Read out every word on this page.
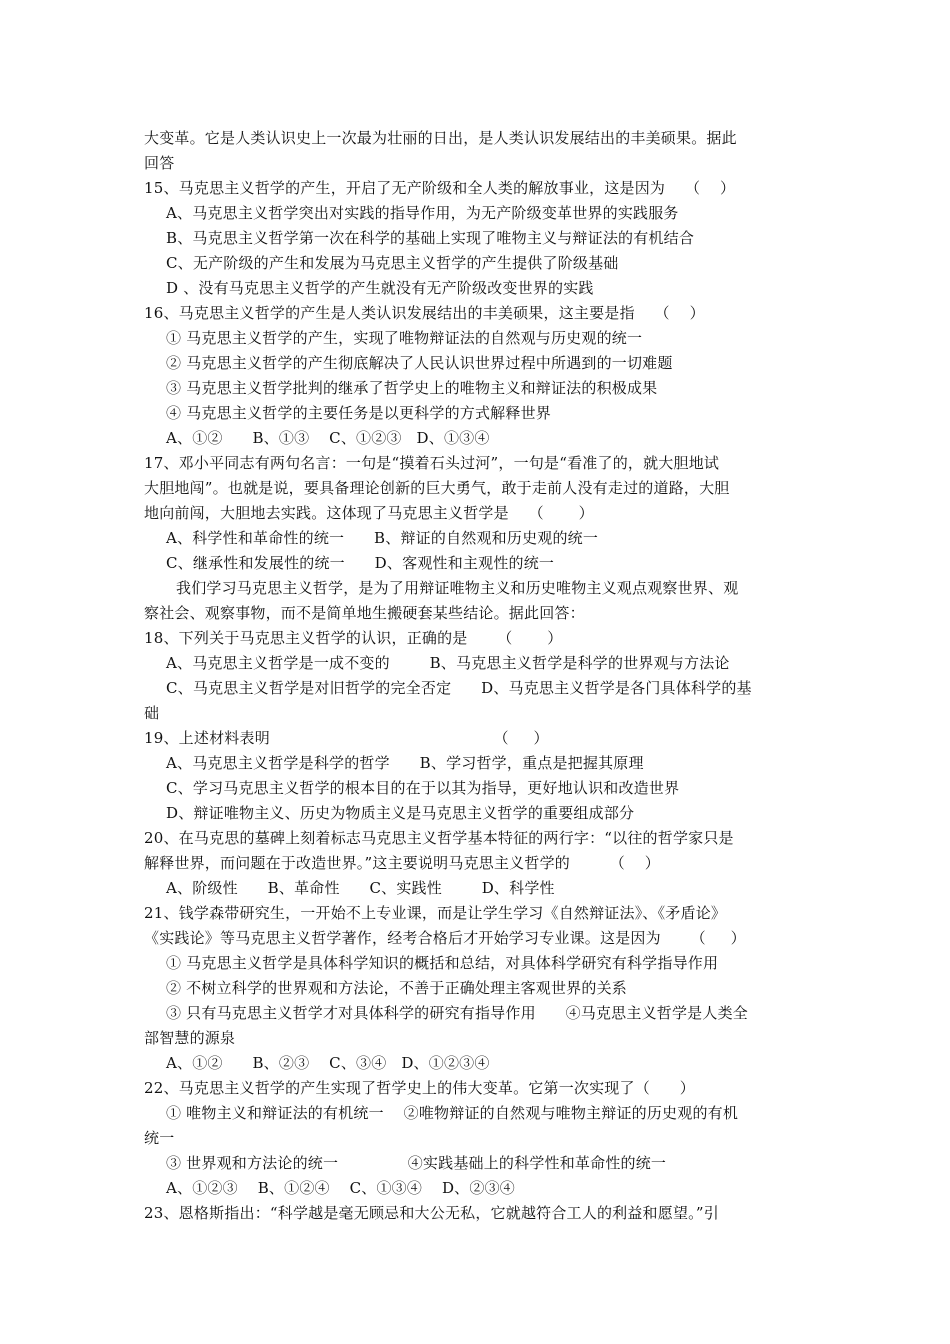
大变革。它是人类认识史上一次最为壮丽的日出，是人类认识发展结出的丰美硕果。据此
回答
15、马克思主义哲学的产生，开启了无产阶级和全人类的解放事业，这是因为    （    ）
A、马克思主义哲学突出对实践的指导作用，为无产阶级变革世界的实践服务
B、马克思主义哲学第一次在科学的基础上实现了唯物主义与辩证法的有机结合
C、无产阶级的产生和发展为马克思主义哲学的产生提供了阶级基础
D 、没有马克思主义哲学的产生就没有无产阶级改变世界的实践
16、马克思主义哲学的产生是人类认识发展结出的丰美硕果，这主要是指    （    ）
① 马克思主义哲学的产生，实现了唯物辩证法的自然观与历史观的统一
② 马克思主义哲学的产生彻底解决了人民认识世界过程中所遇到的一切难题
③ 马克思主义哲学批判的继承了哲学史上的唯物主义和辩证法的积极成果
④ 马克思主义哲学的主要任务是以更科学的方式解释世界
A、①②      B、①③    C、①②③   D、①③④
17、邓小平同志有两句名言：一句是“摸着石头过河”，一句是“看准了的，就大胆地试
大胆地闯”。也就是说，要具备理论创新的巨大勇气，敢于走前人没有走过的道路，大胆
地向前闯，大胆地去实践。这体现了马克思主义哲学是    （       ）
A、科学性和革命性的统一      B、辩证的自然观和历史观的统一
C、继承性和发展性的统一      D、客观性和主观性的统一
我们学习马克思主义哲学，是为了用辩证唯物主义和历史唯物主义观点观察世界、观
察社会、观察事物，而不是简单地生搬硬套某些结论。据此回答：
18、下列关于马克思主义哲学的认识，正确的是      （       ）
A、马克思主义哲学是一成不变的        B、马克思主义哲学是科学的世界观与方法论
C、马克思主义哲学是对旧哲学的完全否定      D、马克思主义哲学是各门具体科学的基
础
19、上述材料表明                                             （     ）
A、马克思主义哲学是科学的哲学      B、学习哲学，重点是把握其原理
C、学习马克思主义哲学的根本目的在于以其为指导，更好地认识和改造世界
D、辩证唯物主义、历史为物质主义是马克思主义哲学的重要组成部分
20、在马克思的墓碑上刻着标志马克思主义哲学基本特征的两行字：“以往的哲学家只是
解释世界，而问题在于改造世界。”这主要说明马克思主义哲学的        （    ）
A、阶级性      B、革命性      C、实践性        D、科学性
21、钱学森带研究生，一开始不上专业课，而是让学生学习《自然辩证法》、《矛盾论》
《实践论》等马克思主义哲学著作，经考合格后才开始学习专业课。这是因为      （     ）
① 马克思主义哲学是具体科学知识的概括和总结，对具体科学研究有科学指导作用
② 不树立科学的世界观和方法论，不善于正确处理主客观世界的关系
③ 只有马克思主义哲学才对具体科学的研究有指导作用      ④马克思主义哲学是人类全
部智慧的源泉
A、①②      B、②③    C、③④   D、①②③④
22、马克思主义哲学的产生实现了哲学史上的伟大变革。它第一次实现了（      ）
① 唯物主义和辩证法的有机统一    ②唯物辩证的自然观与唯物主辩证的历史观的有机
统一
③ 世界观和方法论的统一              ④实践基础上的科学性和革命性的统一
A、①②③    B、①②④    C、①③④    D、②③④
23、恩格斯指出：“科学越是毫无顾忌和大公无私，它就越符合工人的利益和愿望。”引
